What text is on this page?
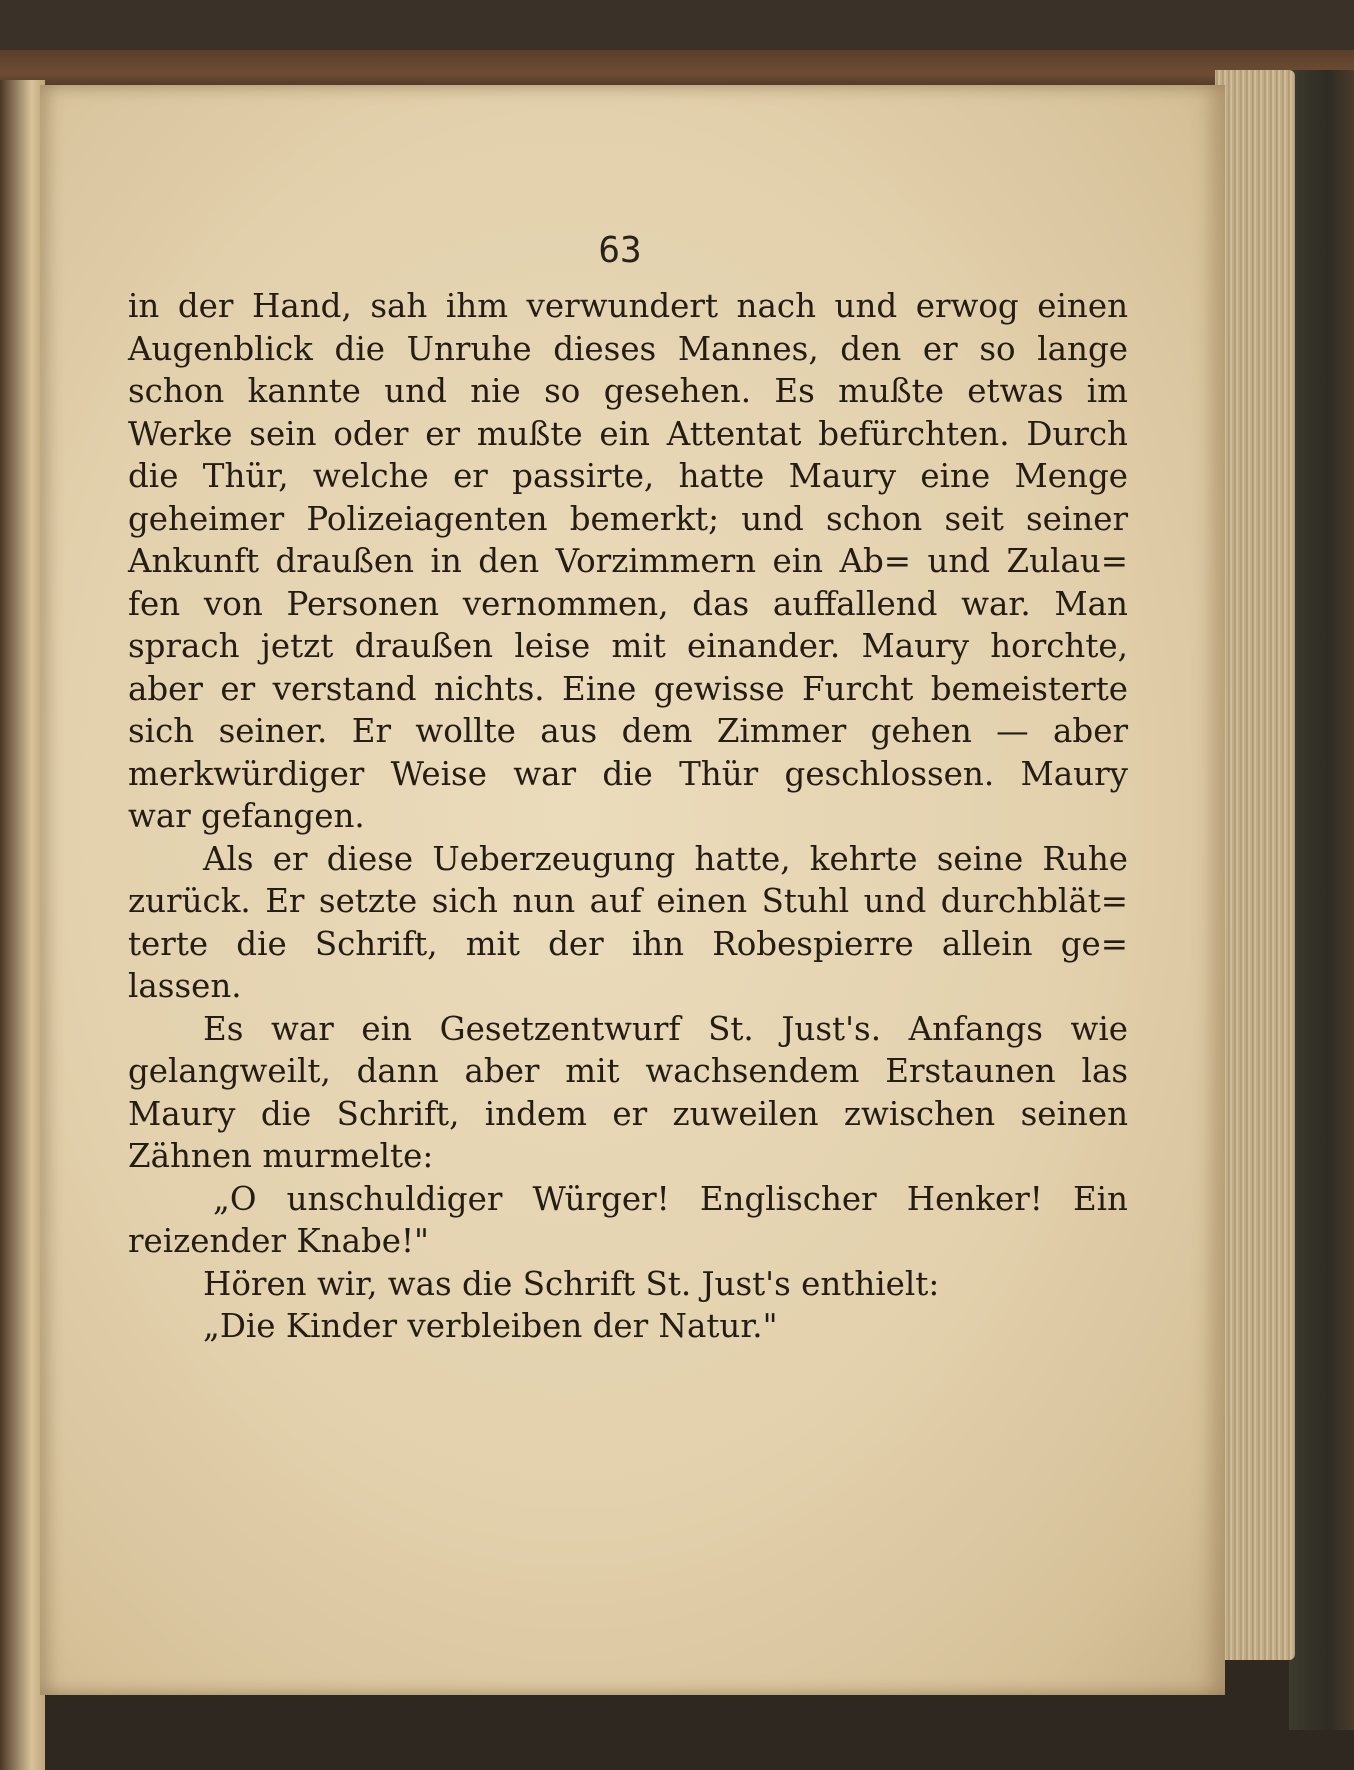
63
in der Hand, sah ihm verwundert nach und erwog einen
Augenblick die Unruhe dieses Mannes, den er so lange
schon kannte und nie so gesehen. Es mußte etwas im
Werke sein oder er mußte ein Attentat befürchten. Durch
die Thür, welche er passirte, hatte Maury eine Menge
geheimer Polizeiagenten bemerkt; und schon seit seiner
Ankunft draußen in den Vorzimmern ein Ab= und Zulau=
fen von Personen vernommen, das auffallend war. Man
sprach jetzt draußen leise mit einander. Maury horchte,
aber er verstand nichts. Eine gewisse Furcht bemeisterte
sich seiner. Er wollte aus dem Zimmer gehen — aber
merkwürdiger Weise war die Thür geschlossen. Maury
war gefangen.
Als er diese Ueberzeugung hatte, kehrte seine Ruhe
zurück. Er setzte sich nun auf einen Stuhl und durchblät=
terte die Schrift, mit der ihn Robespierre allein ge=
lassen.
Es war ein Gesetzentwurf St. Just's. Anfangs wie
gelangweilt, dann aber mit wachsendem Erstaunen las
Maury die Schrift, indem er zuweilen zwischen seinen
Zähnen murmelte:
„O unschuldiger Würger! Englischer Henker! Ein
reizender Knabe!"
Hören wir, was die Schrift St. Just's enthielt:
„Die Kinder verbleiben der Natur."
